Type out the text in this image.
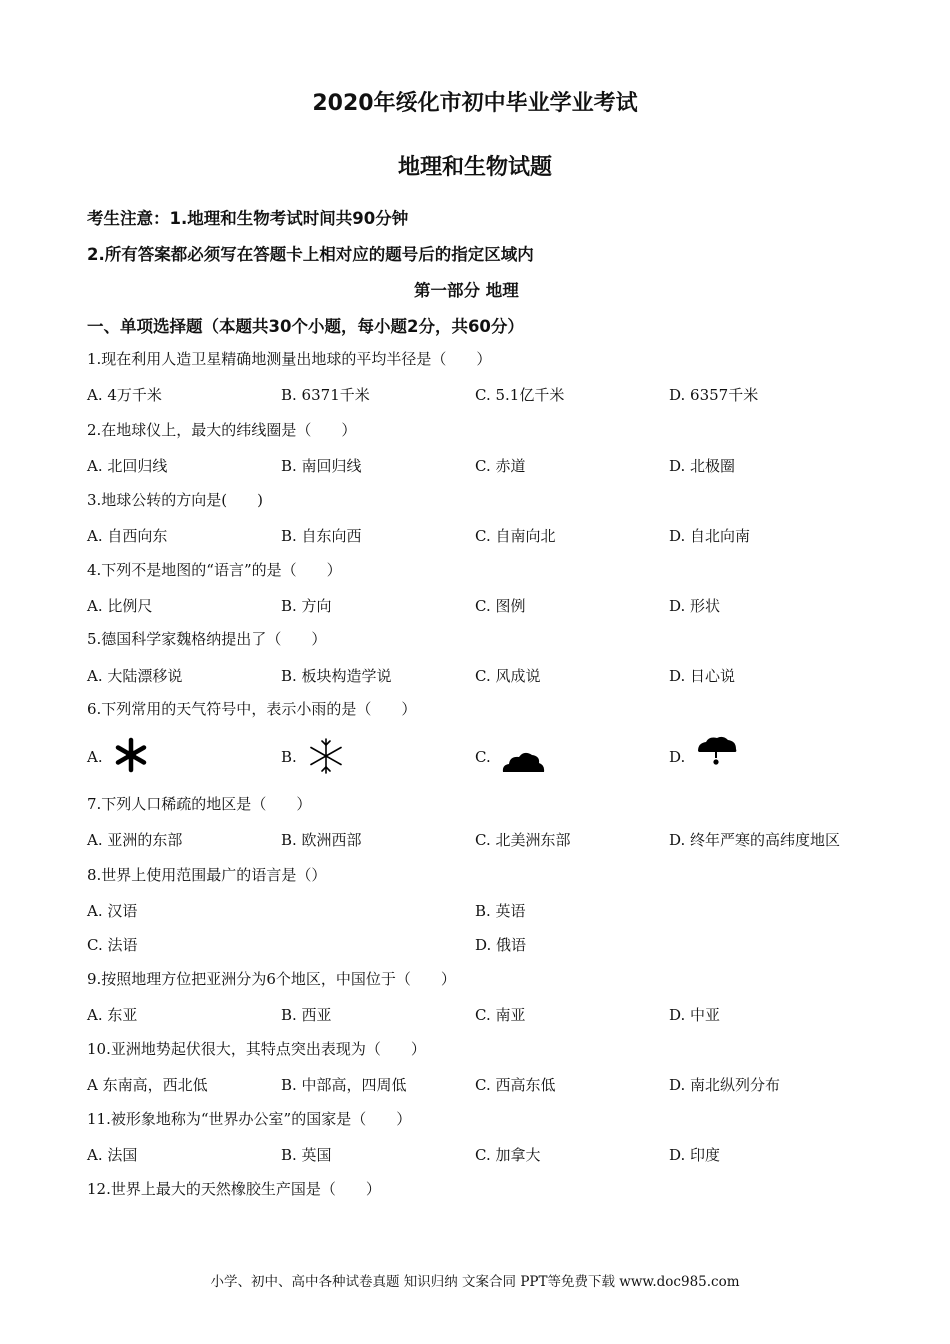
2020年绥化市初中毕业学业考试
地理和生物试题
考生注意：1.地理和生物考试时间共90分钟
2.所有答案都必须写在答题卡上相对应的题号后的指定区域内
第一部分 地理
一、单项选择题（本题共30个小题，每小题2分，共60分）
1.现在利用人造卫星精确地测量出地球的平均半径是（　　）
A. 4万千米	B. 6371千米	C. 5.1亿千米	D. 6357千米
2.在地球仪上，最大的纬线圈是（　　）
A. 北回归线	B. 南回归线	C. 赤道	D. 北极圈
3.地球公转的方向是(　　)
A. 自西向东	B. 自东向西	C. 自南向北	D. 自北向南
4.下列不是地图的“语言”的是（　　）
A. 比例尺	B. 方向	C. 图例	D. 形状
5.德国科学家魏格纳提出了（　　）
A. 大陆漂移说	B. 板块构造学说	C. 风成说	D. 日心说
6.下列常用的天气符号中，表示小雨的是（　　）
A.	B.	C.	D.
7.下列人口稀疏的地区是（　　）
A. 亚洲的东部	B. 欧洲西部	C. 北美洲东部	D. 终年严寒的高纬度地区
8.世界上使用范围最广的语言是（）
A. 汉语	B. 英语
C. 法语	D. 俄语
9.按照地理方位把亚洲分为6个地区，中国位于（　　）
A. 东亚	B. 西亚	C. 南亚	D. 中亚
10.亚洲地势起伏很大，其特点突出表现为（　　）
A 东南高，西北低	B. 中部高，四周低	C. 西高东低	D. 南北纵列分布
11.被形象地称为“世界办公室”的国家是（　　）
A. 法国	B. 英国	C. 加拿大	D. 印度
12.世界上最大的天然橡胶生产国是（　　）
小学、初中、高中各种试卷真题 知识归纳 文案合同 PPT等免费下载 www.doc985.com
